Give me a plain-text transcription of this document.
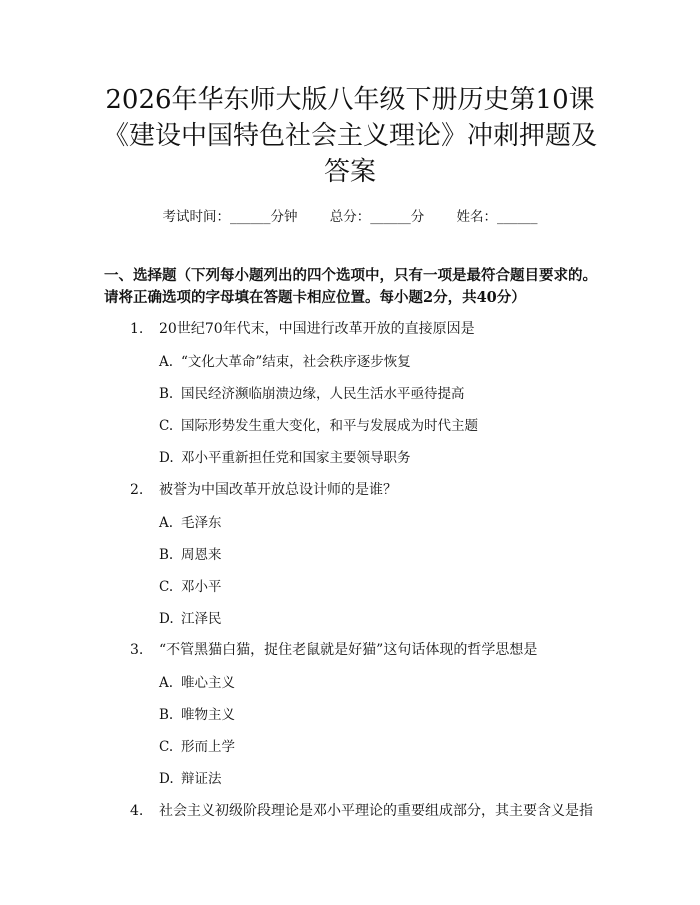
2026年华东师大版八年级下册历史第10课
《建设中国特色社会主义理论》冲刺押题及
答案
考试时间：______分钟 总分：______分 姓名：______
一、选择题（下列每小题列出的四个选项中，只有一项是最符合题目要求的。请将正确选项的字母填在答题卡相应位置。每小题2分，共40分）
1. 20世纪70年代末，中国进行改革开放的直接原因是
A. “文化大革命”结束，社会秩序逐步恢复
B. 国民经济濒临崩溃边缘，人民生活水平亟待提高
C. 国际形势发生重大变化，和平与发展成为时代主题
D. 邓小平重新担任党和国家主要领导职务
2. 被誉为中国改革开放总设计师的是谁？
A. 毛泽东
B. 周恩来
C. 邓小平
D. 江泽民
3. “不管黑猫白猫，捉住老鼠就是好猫”这句话体现的哲学思想是
A. 唯心主义
B. 唯物主义
C. 形而上学
D. 辩证法
4. 社会主义初级阶段理论是邓小平理论的重要组成部分，其主要含义是指
